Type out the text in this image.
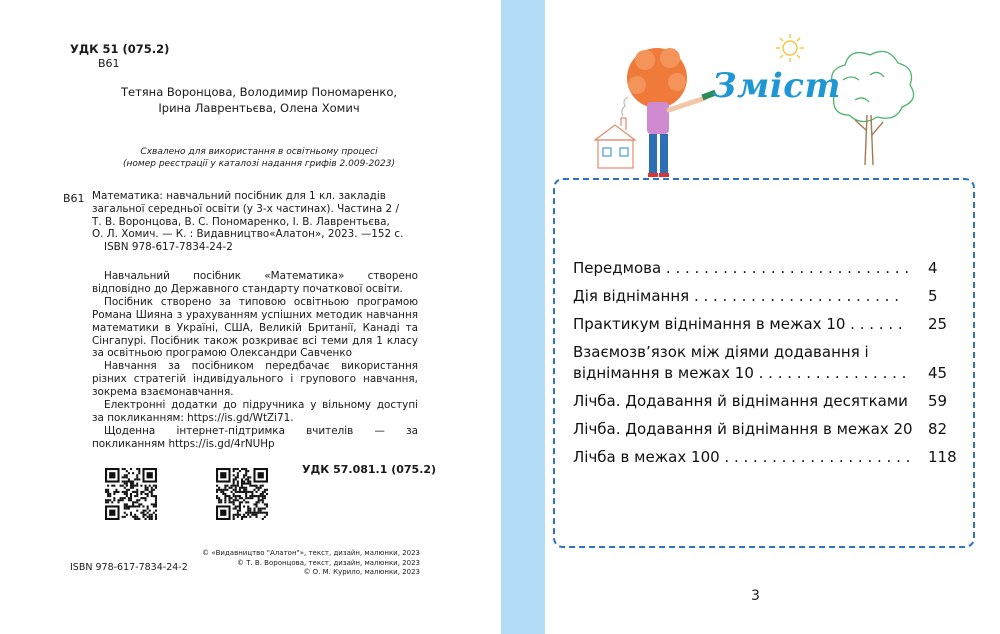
УДК 51 (075.2)
В61
Тетяна Воронцова, Володимир Пономаренко,
Ірина Лаврентьєва, Олена Хомич
Схвалено для використання в освітньому процесі
(номер реєстрації у каталозі надання грифів 2.009-2023)
В61 Математика: навчальний посібник для 1 кл. закладів
загальної середньої освіти (у 3-х частинах). Частина 2 /
Т. В. Воронцова, В. С. Пономаренко, І. В. Лаврентьєва,
О. Л. Хомич. — К. : Видавництво«Алатон», 2023. —152 с.
ISBN 978-617-7834-24-2

Навчальний посібник «Математика» створено відповідно до Державного стандарту початкової освіти.

Посібник створено за типовою освітньою програмою Романа Шияна з урахуванням успішних методик навчання математики в Україні, США, Великій Британії, Канаді та Сінгапурі. Посібник також розкриває всі теми для 1 класу за освітньою програмою Олександри Савченко

Навчання за посібником передбачає використання різних стратегій індивідуального і групового навчання, зокрема взаємонавчання.

Електронні додатки до підручника у вільному доступі за покликанням: https://is.gd/WtZi71.

Щоденна інтернет-підтримка вчителів — за покликанням https://is.gd/4rNUHp

УДК 57.081.1 (075.2)
ISBN 978-617-7834-24-2
© «Видавництво "Алатон"», текст, дизайн, малюнки, 2023
© Т. В. Воронцова, текст, дизайн, малюнки, 2023
© О. М. Курило, малюнки, 2023
Зміст
Передмова . . . . . . . . . . . . . . . . . . . . . . . . . . 4
Дія віднімання . . . . . . . . . . . . . . . . . . . . . . 5
Практикум віднімання в межах 10 . . . . . . 25
Взаємозв’язок між діями додавання і
віднімання в межах 10 . . . . . . . . . . . . . . . .	45
Лічба. Додавання й віднімання десятками 59
Лічба. Додавання й віднімання в межах 20 82
Лічба в межах 100 . . . . . . . . . . . . . . . . . . . . 118
3
